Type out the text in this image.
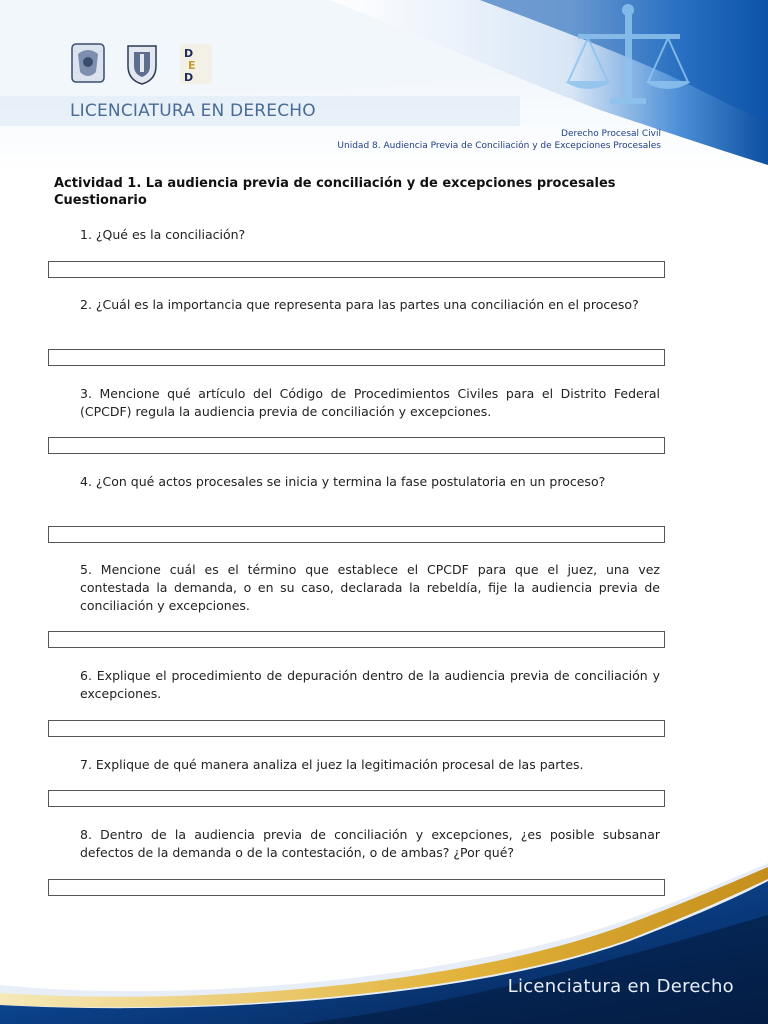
D
E
D
LICENCIATURA EN DERECHO
Derecho Procesal Civil
Unidad 8. Audiencia Previa de Conciliación y de Excepciones Procesales

Actividad 1. La audiencia previa de conciliación y de excepciones procesales

Cuestionario

1. ¿Qué es la conciliación?
2. ¿Cuál es la importancia que representa para las partes una conciliación en el proceso?
3. Mencione qué artículo del Código de Procedimientos Civiles para el Distrito Federal (CPCDF) regula la audiencia previa de conciliación y excepciones.
4. ¿Con qué actos procesales se inicia y termina la fase postulatoria en un proceso?
5. Mencione cuál es el término que establece el CPCDF para que el juez, una vez contestada la demanda, o en su caso, declarada la rebeldía, fije la audiencia previa de conciliación y excepciones.
6. Explique el procedimiento de depuración dentro de la audiencia previa de conciliación y excepciones.
7. Explique de qué manera analiza el juez la legitimación procesal de las partes.
8. Dentro de la audiencia previa de conciliación y excepciones, ¿es posible subsanar defectos de la demanda o de la contestación, o de ambas? ¿Por qué?
Licenciatura en Derecho
